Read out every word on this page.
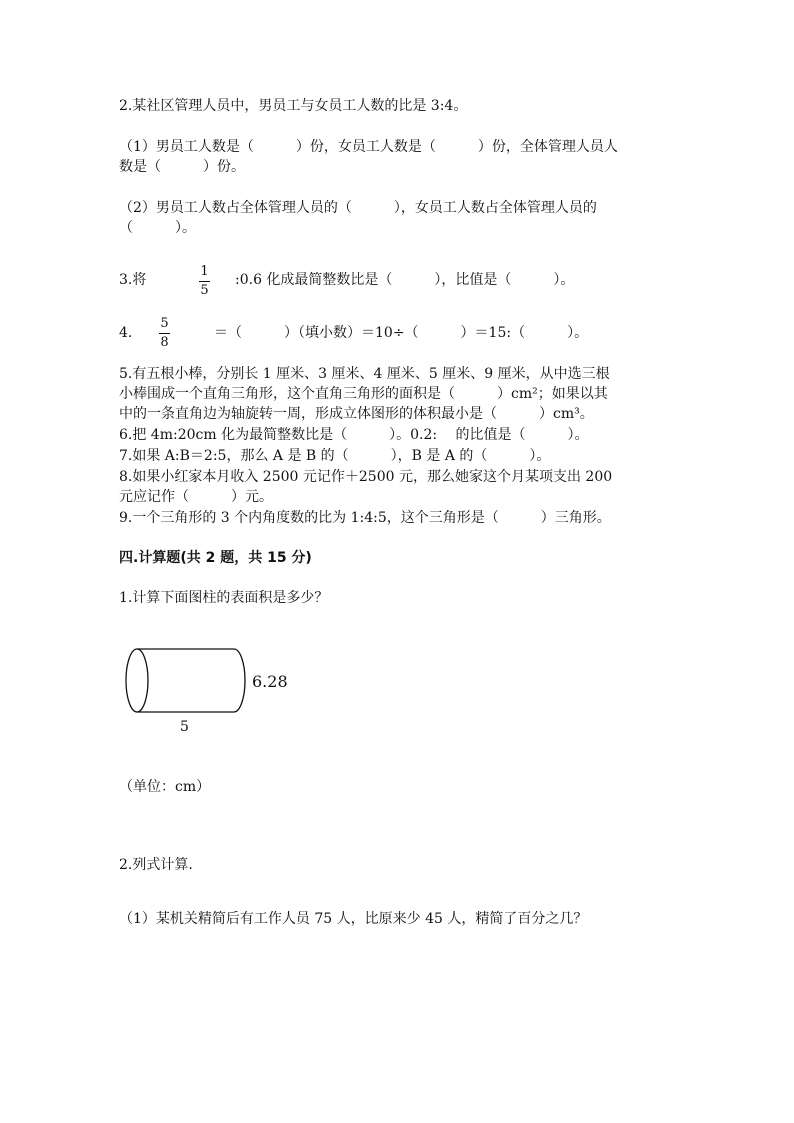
2.某社区管理人员中，男员工与女员工人数的比是 3:4。
（1）男员工人数是（　　　）份，女员工人数是（　　　）份，全体管理人员人
数是（　　　）份。
（2）男员工人数占全体管理人员的（　　　），女员工人数占全体管理人员的
（　　　）。
3.将
1
5
:0.6 化成最简整数比是（　　　），比值是（　　　）。
4.
5
8
＝（　　　）（填小数）＝10÷（　　　）＝15:（　　　）。
5.有五根小棒，分别长 1 厘米、3 厘米、4 厘米、5 厘米、9 厘米，从中选三根
小棒围成一个直角三角形，这个直角三角形的面积是（　　　）cm²；如果以其
中的一条直角边为轴旋转一周，形成立体图形的体积最小是（　　　）cm³。
6.把 4m:20cm 化为最简整数比是（　　　）。0.2:　 的比值是（　　　）。
7.如果 A:B＝2:5，那么 A 是 B 的（　　　），B 是 A 的（　　　）。
8.如果小红家本月收入 2500 元记作＋2500 元，那么她家这个月某项支出 200
元应记作（　　　）元。
9.一个三角形的 3 个内角度数的比为 1:4:5，这个三角形是（　　　）三角形。
四.计算题(共 2 题，共 15 分)
1.计算下面图柱的表面积是多少？
6.28
5
（单位：cm）
2.列式计算.
（1）某机关精简后有工作人员 75 人，比原来少 45 人，精简了百分之几？
